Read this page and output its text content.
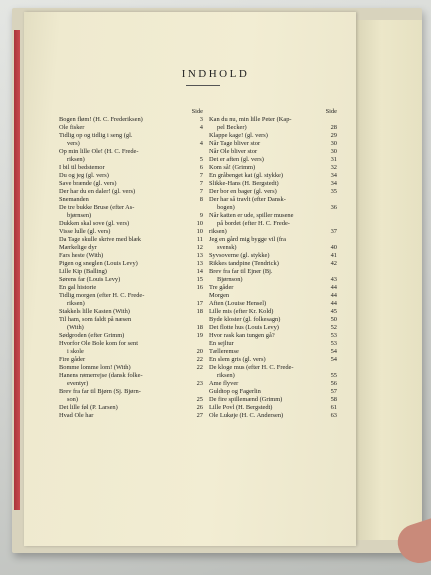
INDHOLD
Side
Bogen fløm! (H. C. Frederiksen)	3
Ole fisker	4
Tidlig op og tidlig i seng (gl.
vers)	4
Op min lille Ole! (H. C. Frede-
riksen)	5
I bil til bedstemor	6
Du og jeg (gl. vers)	7
Save brænde (gl. vers)	7
Der har du en daler! (gl. vers)	7
Snemanden	8
De tre bukke Bruse (efter As-
bjørnsen)	9
Dukken skal sove (gl. vers)	10
Visse lulle (gl. vers)	10
Da Tage skulle skrive med blæk	11
Mærkelige dyr	12
Fars heste (With)	13
Pigen og sneglen (Louis Levy)	13
Lille Kip (Balling)	14
Sørens far (Louis Levy)	15
En gal historie	16
Tidlig morgen (efter H. C. Frede-
riksen)	17
Stakkels lille Kasten (With)	18
Til ham, som faldt på næsen
(With)	18
Sødgroden (efter Grimm)	19
Hvorfor Ole Bole kom for sent
i skole	20
Fire gåder	22
Bomme lomme lom! (With)	22
Hanens rømerrejse (dansk folke-
eventyr)	23
Brev fra far til Bjørn (Sj. Bjørn-
son)	25
Det lille føl (P. Larsen)	26
Hvad Ole har	27
Side
Kan du nu, min lille Peter (Kap-
pel Becker)	28
Klappe kage! (gl. vers)	29
Når Tage bliver stor	30
Når Ole bliver stor	30
Det er aften (gl. vers)	31
Kom så! (Grimm)	32
En gråbenget kat (gl. stykke)	34
Slikke-Hans (H. Bergstedt)	34
Der bor en bager (gl. vers)	35
Der har så travlt (efter Dansk-
bogen)	36
Når katten er ude, spiller musene
på bordet (efter H. C. Frede-
riksen)	37
Jeg en gård mig bygge vil (fra
svensk)	40
Syvsoverne (gl. stykke)	41
Rikkes tandpine (Tendrick)	42
Brev fra far til Ejner (Bj.
Bjørnson)	43
Tre gåder	44
Morgen	44
Aften (Louise Hensel)	44
Lille mis (efter Kr. Kold)	45
Byde kloster (gl. folkesagn)	50
Det flotte hus (Louis Levy)	52
Hvor rask kan tungen gå?	53
En sejltur	53
Tælleremse	54
En slem gris (gl. vers)	54
De kloge mus (efter H. C. Frede-
riksen)	55
Ame flyver	56
Guldtop og Fagerlin	57
De fire spillemænd (Grimm)	58
Lille Povl (H. Bergstedt)	61
Ole Lukøje (H. C. Andersen)	63
